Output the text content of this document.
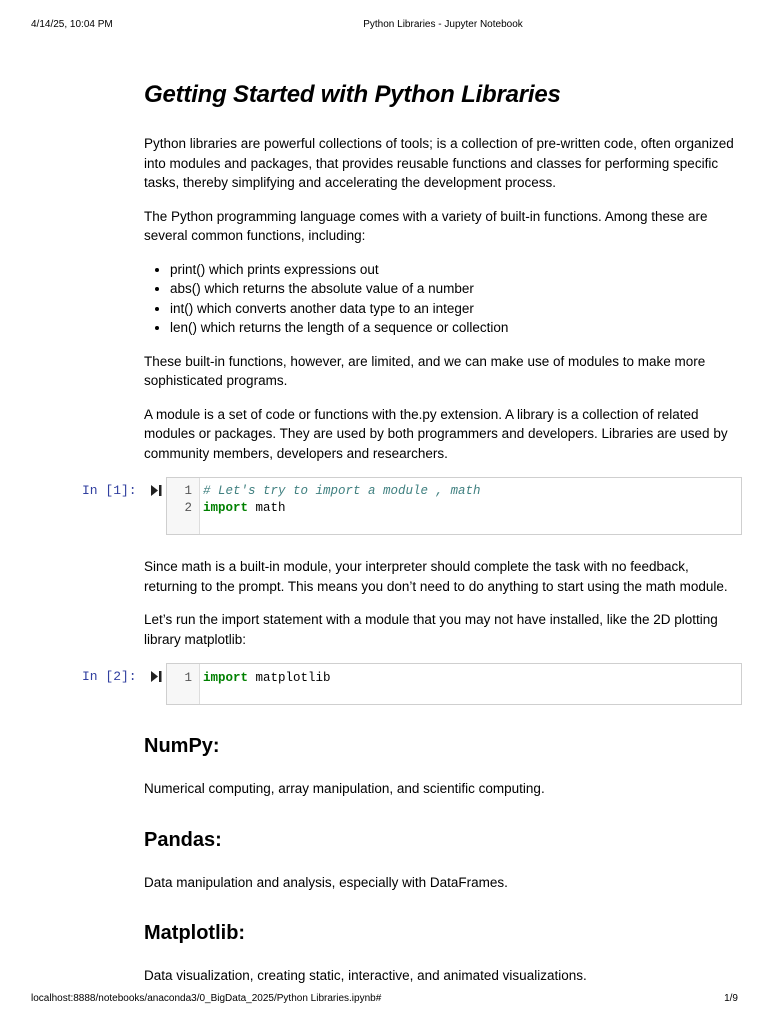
4/14/25, 10:04 PM	Python Libraries - Jupyter Notebook
Getting Started with Python Libraries

Python libraries are powerful collections of tools; is a collection of pre-written code, often organized into modules and packages, that provides reusable functions and classes for performing specific tasks, thereby simplifying and accelerating the development process.

The Python programming language comes with a variety of built-in functions. Among these are several common functions, including:

• print() which prints expressions out
• abs() which returns the absolute value of a number
• int() which converts another data type to an integer
• len() which returns the length of a sequence or collection

These built-in functions, however, are limited, and we can make use of modules to make more sophisticated programs.

A module is a set of code or functions with the.py extension. A library is a collection of related modules or packages. They are used by both programmers and developers. Libraries are used by community members, developers and researchers.

In [1]:	1 # Let's try to import a module , math
2 import math

Since math is a built-in module, your interpreter should complete the task with no feedback, returning to the prompt. This means you don’t need to do anything to start using the math module.

Let’s run the import statement with a module that you may not have installed, like the 2D plotting library matplotlib:

In [2]:	1 import matplotlib
NumPy:

Numerical computing, array manipulation, and scientific computing.

Pandas:

Data manipulation and analysis, especially with DataFrames.

Matplotlib:

Data visualization, creating static, interactive, and animated visualizations.

localhost:8888/notebooks/anaconda3/0_BigData_2025/Python Libraries.ipynb#	1/9
